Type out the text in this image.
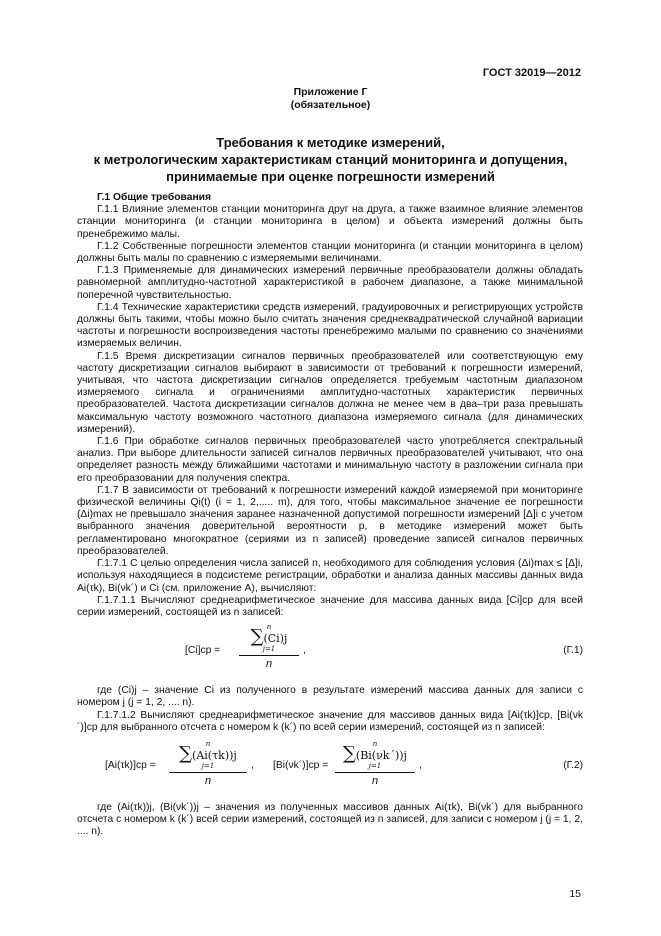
ГОСТ 32019—2012
Приложение Г
(обязательное)
Требования к методике измерений,
к метрологическим характеристикам станций мониторинга и допущения,
принимаемые при оценке погрешности измерений

Г.1 Общие требования

Г.1.1 Влияние элементов станции мониторинга друг на друга, а также взаимное влияние элементов станции мониторинга (и станции мониторинга в целом) и объекта измерений должны быть пренебрежимо малы.

Г.1.2 Собственные погрешности элементов станции мониторинга (и станции мониторинга в целом) должны быть малы по сравнению с измеряемыми величинами.

Г.1.3 Применяемые для динамических измерений первичные преобразователи должны обладать равномерной амплитудно-частотной характеристикой в рабочем диапазоне, а также минимальной поперечной чувствительностью.

Г.1.4 Технические характеристики средств измерений, градуировочных и регистрирующих устройств должны быть такими, чтобы можно было считать значения среднеквадратической случайной вариации частоты и погрешности воспроизведения частоты пренебрежимо малыми по сравнению со значениями измеряемых величин.

Г.1.5 Время дискретизации сигналов первичных преобразователей или соответствующую ему частоту дискретизации сигналов выбирают в зависимости от требований к погрешности измерений, учитывая, что частота дискретизации сигналов определяется требуемым частотным диапазоном измеряемого сигнала и ограничениями амплитудно-частотных характеристик первичных преобразователей. Частота дискретизации сигналов должна не менее чем в два–три раза превышать максимальную частоту возможного частотного диапазона измеряемого сигнала (для динамических измерений).

Г.1.6 При обработке сигналов первичных преобразователей часто употребляется спектральный анализ. При выборе длительности записей сигналов первичных преобразователей учитывают, что она определяет разность между ближайшими частотами и минимальную частоту в разложении сигнала при его преобразовании для получения спектра.

Г.1.7 В зависимости от требований к погрешности измерений каждой измеряемой при мониторинге физической величины Qi(t) (i = 1, 2,..... m), для того, чтобы максимальное значение ее погрешности (Δi)max не превышало значения заранее назначенной допустимой погрешности измерений [Δ]i с учетом выбранного значения доверительной вероятности p, в методике измерений может быть регламентировано многократное (сериями из n записей) проведение записей сигналов первичных преобразователей.

Г.1.7.1 С целью определения числа записей n, необходимого для соблюдения условия (Δi)max ≤ [Δ]i, используя находящиеся в подсистеме регистрации, обработки и анализа данных массивы данных вида Ai(τk), Bi(νk´) и Ci (см. приложение А), вычисляют:

Г.1.7.1.1 Вычисляют среднеарифметическое значение для массива данных вида [Ci]ср для всей серии измерений, состоящей из n записей:

[Ci]ср =
n
∑(Ci)j
j=1
n
,	(Г.1)

где (Ci)j – значение Ci из полученного в результате измерений массива данных для записи с номером j (j = 1, 2, .... n).

Г.1.7.1.2 Вычисляют среднеарифметическое значение для массивов данных вида [Ai(τk)]ср, [Bi(νk´)]ср для выбранного отсчета с номером k (k´) по всей серии измерений, состоящей из n записей:

[Ai(τk)]ср =
n
∑(Ai(τk))j
j=1
n
, [Bi(νk´)]ср =
n
∑(Bi(νk´))j
j=1
n
,	(Г.2)

где (Ai(τk))j, (Bi(νk´))j – значения из полученных массивов данных Ai(τk), Bi(νk´) для выбранного отсчета с номером k (k´) всей серии измерений, состоящей из n записей, для записи с номером j (j = 1, 2, .... n).

15
